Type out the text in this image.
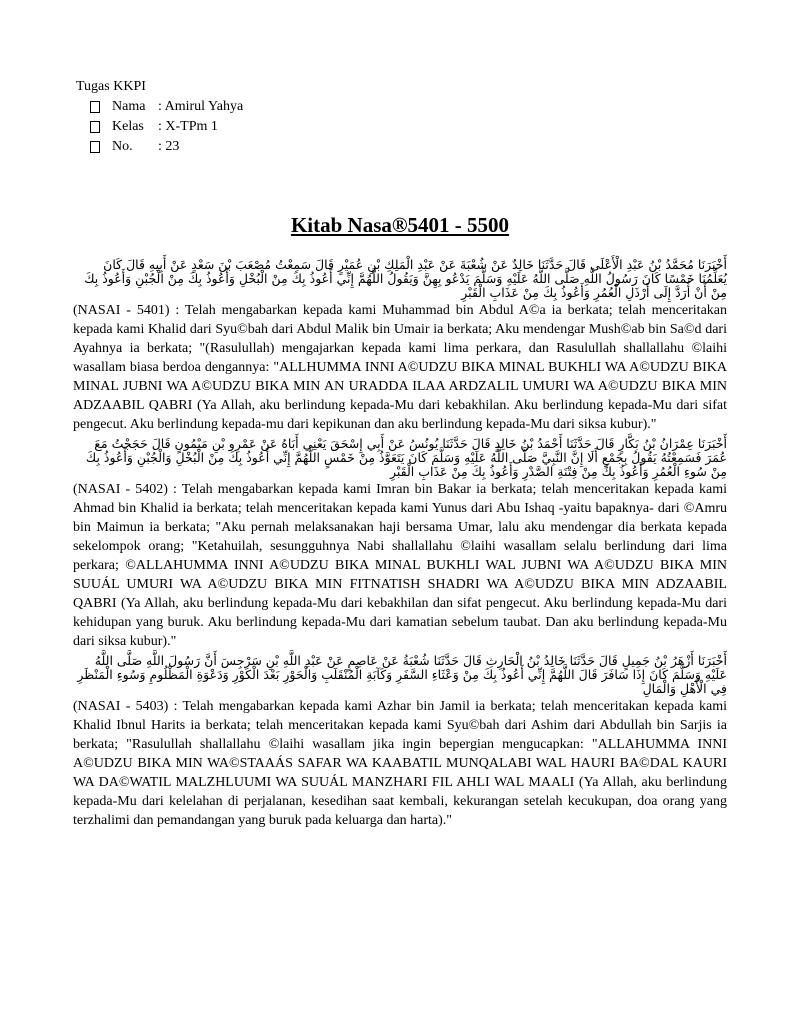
Tugas KKPI
Nama : Amirul Yahya
Kelas	: X-TPm 1
No.	: 23
Kitab Nasa®5401 - 5500

أَخْبَرَنَا مُحَمَّدُ بْنُ عَبْدِ الْأَعْلَى قَالَ حَدَّثَنَا خَالِدٌ عَنْ شُعْبَةَ عَنْ عَبْدِ الْمَلِكِ بْنِ عُمَيْرٍ قَالَ سَمِعْتُ مُصْعَبَ بْنَ سَعْدٍ عَنْ أَبِيهِ قَالَ كَانَ يُعَلِّمُنَا خَمْسًا كَانَ رَسُولُ اللَّهِ صَلَّى اللَّهُ عَلَيْهِ وَسَلَّمَ يَدْعُو بِهِنَّ وَيَقُولُ اللَّهُمَّ إِنِّي أَعُوذُ بِكَ مِنْ الْبُخْلِ وَأَعُوذُ بِكَ مِنْ الْجُبْنِ وَأَعُوذُ بِكَ مِنْ أَنْ أُرَدَّ إِلَى أَرْذَلِ الْعُمُرِ وَأَعُوذُ بِكَ مِنْ عَذَابِ الْقَبْرِ

(NASAI - 5401) : Telah mengabarkan kepada kami Muhammad bin Abdul A©a ia berkata; telah menceritakan kepada kami Khalid dari Syu©bah dari Abdul Malik bin Umair ia berkata; Aku mendengar Mush©ab bin Sa©d dari Ayahnya ia berkata; "(Rasulullah) mengajarkan kepada kami lima perkara, dan Rasulullah shallallahu ©laihi wasallam biasa berdoa dengannya: "ALLHUMMA INNI A©UDZU BIKA MINAL BUKHLI WA A©UDZU BIKA MINAL JUBNI WA A©UDZU BIKA MIN AN URADDA ILAA ARDZALIL UMURI WA A©UDZU BIKA MIN ADZAABIL QABRI (Ya Allah, aku berlindung kepada-Mu dari kebakhilan. Aku berlindung kepada-Mu dari sifat pengecut. Aku berlindung kepada-mu dari kepikunan dan aku berlindung kepada-Mu dari siksa kubur)."

أَخْبَرَنَا عِمْرَانُ بْنُ بَكَّارٍ قَالَ حَدَّثَنَا أَحْمَدُ بْنُ خَالِدٍ قَالَ حَدَّثَنَا يُونُسُ عَنْ أَبِي إِسْحَقَ يَعْنِي أَبَاهُ عَنْ عَمْرِو بْنِ مَيْمُونٍ قَالَ حَجَجْتُ مَعَ عُمَرَ فَسَمِعْتُهُ يَقُولُ بِجَمْعٍ أَلَا إِنَّ النَّبِيَّ صَلَّى اللَّهُ عَلَيْهِ وَسَلَّمَ كَانَ يَتَعَوَّذُ مِنْ خَمْسٍ اللَّهُمَّ إِنِّي أَعُوذُ بِكَ مِنْ الْبُخْلِ وَالْجُبْنِ وَأَعُوذُ بِكَ مِنْ سُوءِ الْعُمُرِ وَأَعُوذُ بِكَ مِنْ فِتْنَةِ الصَّدْرِ وَأَعُوذُ بِكَ مِنْ عَذَابِ الْقَبْرِ

(NASAI - 5402) : Telah mengabarkan kepada kami Imran bin Bakar ia berkata; telah menceritakan kepada kami Ahmad bin Khalid ia berkata; telah menceritakan kepada kami Yunus dari Abu Ishaq -yaitu bapaknya- dari ©Amru bin Maimun ia berkata; "Aku pernah melaksanakan haji bersama Umar, lalu aku mendengar dia berkata kepada sekelompok orang; "Ketahuilah, sesungguhnya Nabi shallallahu ©laihi wasallam selalu berlindung dari lima perkara; ©ALLAHUMMA INNI A©UDZU BIKA MINAL BUKHLI WAL JUBNI WA A©UDZU BIKA MIN SUUÁL UMURI WA A©UDZU BIKA MIN FITNATISH SHADRI WA A©UDZU BIKA MIN ADZAABIL QABRI (Ya Allah, aku berlindung kepada-Mu dari kebakhilan dan sifat pengecut. Aku berlindung kepada-Mu dari kehidupan yang buruk. Aku berlindung kepada-Mu dari kamatian sebelum taubat. Dan aku berlindung kepada-Mu dari siksa kubur)."

أَخْبَرَنَا أَزْهَرُ بْنُ جَمِيلٍ قَالَ حَدَّثَنَا خَالِدُ بْنُ الْحَارِثِ قَالَ حَدَّثَنَا شُعْبَةُ عَنْ عَاصِمٍ عَنْ عَبْدِ اللَّهِ بْنِ سَرْجِسَ أَنَّ رَسُولَ اللَّهِ صَلَّى اللَّهُ عَلَيْهِ وَسَلَّمَ كَانَ إِذَا سَافَرَ قَالَ اللَّهُمَّ إِنِّي أَعُوذُ بِكَ مِنْ وَعْثَاءِ السَّفَرِ وَكَآبَةِ الْمُنْقَلَبِ وَالْحَوْرِ بَعْدَ الْكَوْرِ وَدَعْوَةِ الْمَظْلُومِ وَسُوءِ الْمَنْظَرِ فِي الْأَهْلِ وَالْمَالِ

(NASAI - 5403) : Telah mengabarkan kepada kami Azhar bin Jamil ia berkata; telah menceritakan kepada kami Khalid Ibnul Harits ia berkata; telah menceritakan kepada kami Syu©bah dari Ashim dari Abdullah bin Sarjis ia berkata; "Rasulullah shallallahu ©laihi wasallam jika ingin bepergian mengucapkan: "ALLAHUMMA INNI A©UDZU BIKA MIN WA©STAAÁS SAFAR WA KAABATIL MUNQALABI WAL HAURI BA©DAL KAURI WA DA©WATIL MALZHLUUMI WA SUUÁL MANZHARI FIL AHLI WAL MAALI (Ya Allah, aku berlindung kepada-Mu dari kelelahan di perjalanan, kesedihan saat kembali, kekurangan setelah kecukupan, doa orang yang terzhalimi dan pemandangan yang buruk pada keluarga dan harta)."
